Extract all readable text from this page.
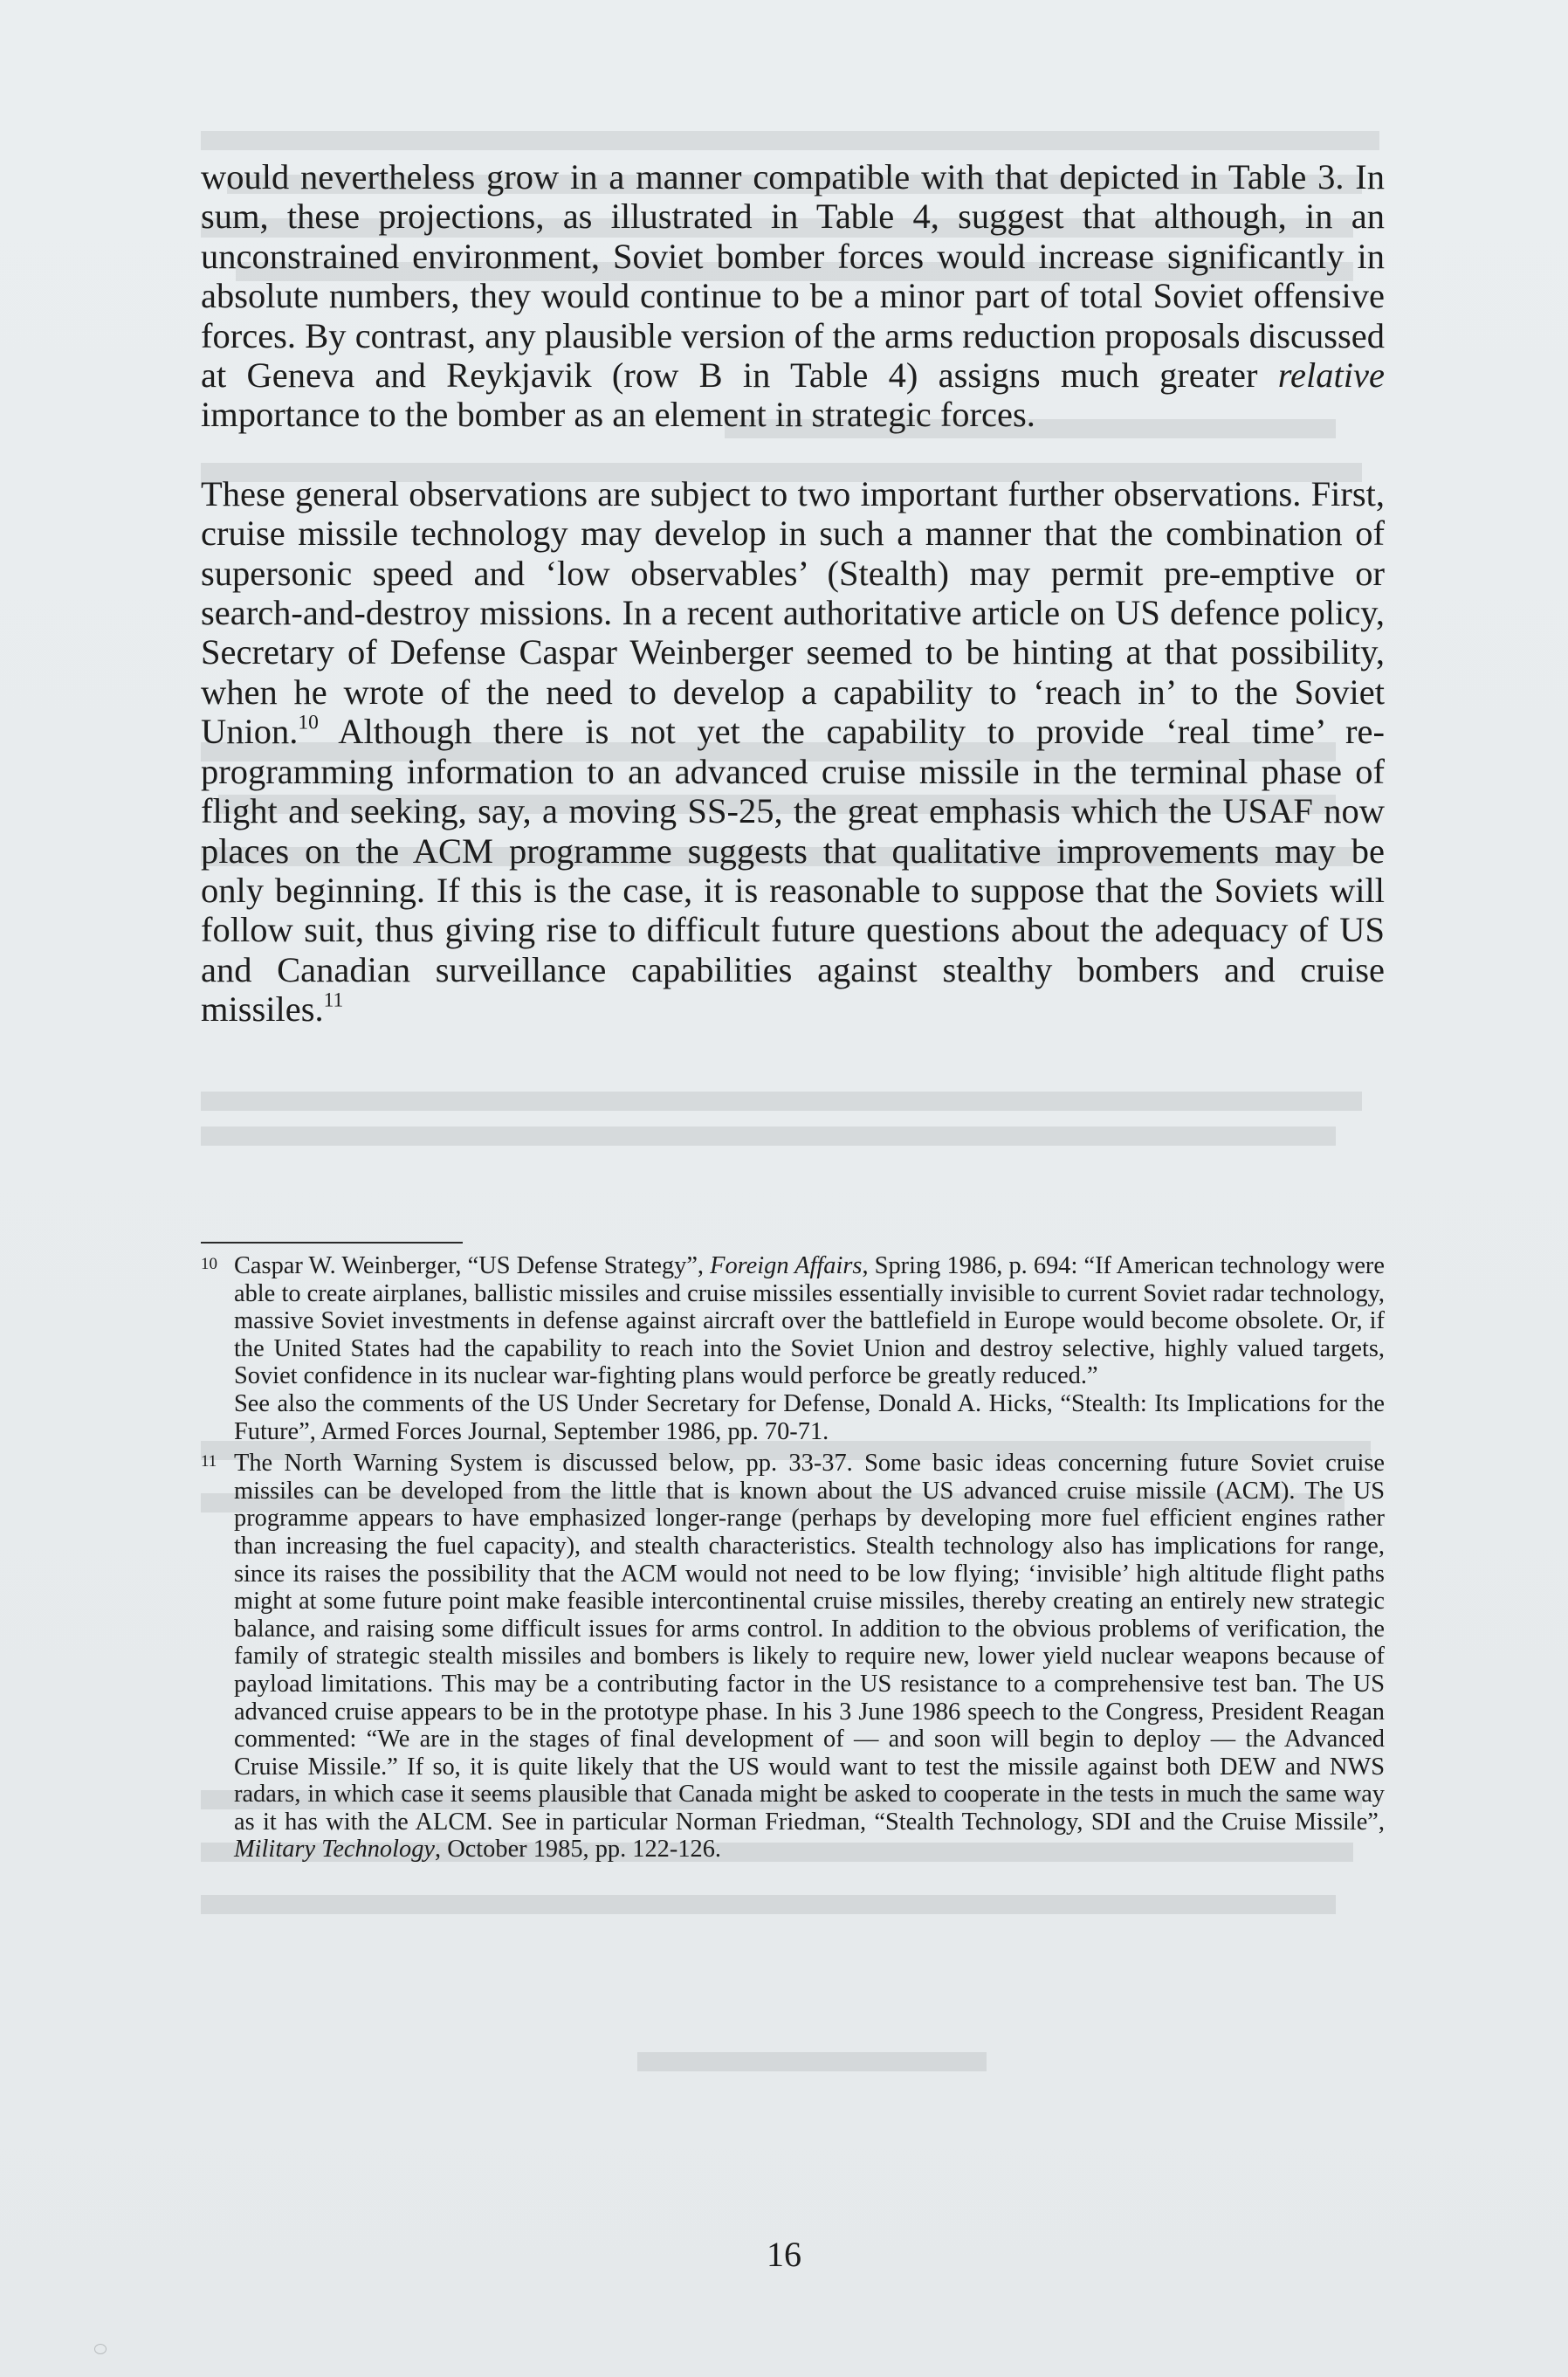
would nevertheless grow in a manner compatible with that depicted in Table 3. In sum, these projections, as illustrated in Table 4, suggest that although, in an unconstrained environment, Soviet bomber forces would increase significantly in absolute numbers, they would continue to be a minor part of total Soviet offensive forces. By contrast, any plausible version of the arms reduction proposals discussed at Geneva and Reykjavik (row B in Table 4) assigns much greater relative importance to the bomber as an element in strategic forces.

These general observations are subject to two important further observations. First, cruise missile technology may develop in such a manner that the combination of supersonic speed and ‘low observables’ (Stealth) may permit pre-emptive or search-and-destroy missions. In a recent authoritative article on US defence policy, Secretary of Defense Caspar Weinberger seemed to be hinting at that possibility, when he wrote of the need to develop a capability to ‘reach in’ to the Soviet Union.$^{10}$ Although there is not yet the capability to provide ‘real time’ re-programming information to an advanced cruise missile in the terminal phase of flight and seeking, say, a moving SS-25, the great emphasis which the USAF now places on the ACM programme suggests that qualitative improvements may be only beginning. If this is the case, it is reasonable to suppose that the Soviets will follow suit, thus giving rise to difficult future questions about the adequacy of US and Canadian surveillance capabilities against stealthy bombers and cruise missiles.$^{11}$

10 Caspar W. Weinberger, “US Defense Strategy”, Foreign Affairs, Spring 1986, p. 694: “If American technology were able to create airplanes, ballistic missiles and cruise missiles essentially invisible to current Soviet radar technology, massive Soviet investments in defense against aircraft over the battlefield in Europe would become obsolete. Or, if the United States had the capability to reach into the Soviet Union and destroy selective, highly valued targets, Soviet confidence in its nuclear war-fighting plans would perforce be greatly reduced.”

See also the comments of the US Under Secretary for Defense, Donald A. Hicks, “Stealth: Its Implications for the Future”, Armed Forces Journal, September 1986, pp. 70-71.

11 The North Warning System is discussed below, pp. 33-37. Some basic ideas concerning future Soviet cruise missiles can be developed from the little that is known about the US advanced cruise missile (ACM). The US programme appears to have emphasized longer-range (perhaps by developing more fuel efficient engines rather than increasing the fuel capacity), and stealth characteristics. Stealth technology also has implications for range, since its raises the possibility that the ACM would not need to be low flying; ‘invisible’ high altitude flight paths might at some future point make feasible intercontinental cruise missiles, thereby creating an entirely new strategic balance, and raising some difficult issues for arms control. In addition to the obvious problems of verification, the family of strategic stealth missiles and bombers is likely to require new, lower yield nuclear weapons because of payload limitations. This may be a contributing factor in the US resistance to a comprehensive test ban. The US advanced cruise appears to be in the prototype phase. In his 3 June 1986 speech to the Congress, President Reagan commented: “We are in the stages of final development of — and soon will begin to deploy — the Advanced Cruise Missile.” If so, it is quite likely that the US would want to test the missile against both DEW and NWS radars, in which case it seems plausible that Canada might be asked to cooperate in the tests in much the same way as it has with the ALCM. See in particular Norman Friedman, “Stealth Technology, SDI and the Cruise Missile”, Military Technology, October 1985, pp. 122-126.

16
